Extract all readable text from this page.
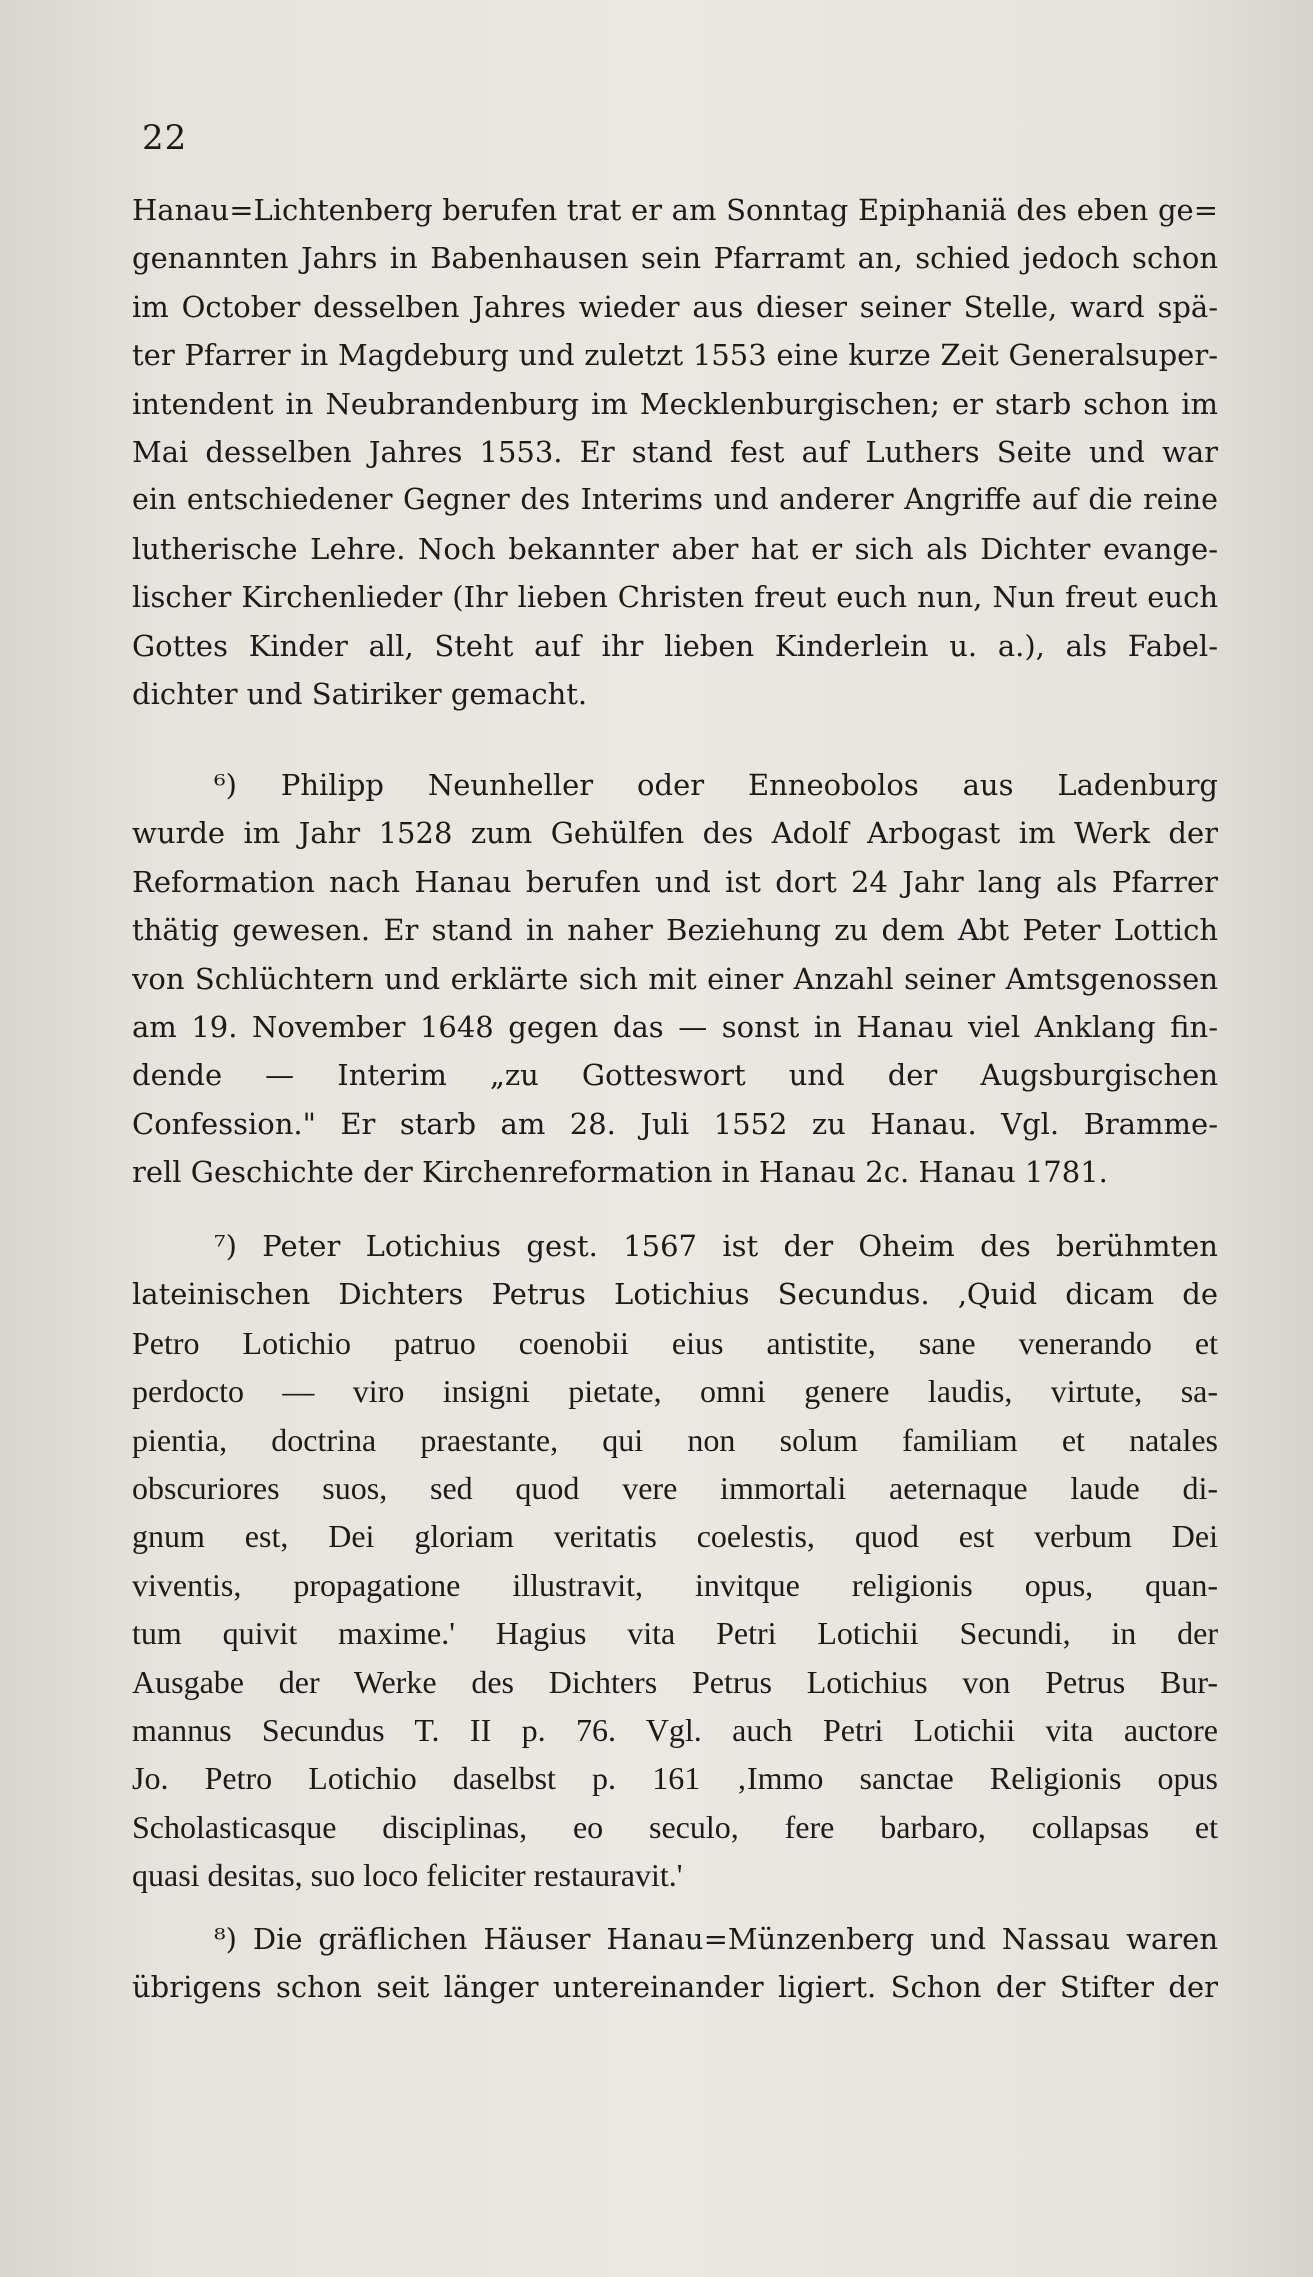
22
Hanau=Lichtenberg berufen trat er am Sonntag Epiphaniä des eben ge=
genannten Jahrs in Babenhausen sein Pfarramt an, schied jedoch schon
im October desselben Jahres wieder aus dieser seiner Stelle, ward spä-
ter Pfarrer in Magdeburg und zuletzt 1553 eine kurze Zeit Generalsuper-
intendent in Neubrandenburg im Mecklenburgischen; er starb schon im
Mai desselben Jahres 1553. Er stand fest auf Luthers Seite und war
ein entschiedener Gegner des Interims und anderer Angriffe auf die reine
lutherische Lehre. Noch bekannter aber hat er sich als Dichter evange-
lischer Kirchenlieder (Ihr lieben Christen freut euch nun, Nun freut euch
Gottes Kinder all, Steht auf ihr lieben Kinderlein u. a.), als Fabel-
dichter und Satiriker gemacht.
⁶) Philipp Neunheller oder Enneobolos aus Ladenburg
wurde im Jahr 1528 zum Gehülfen des Adolf Arbogast im Werk der
Reformation nach Hanau berufen und ist dort 24 Jahr lang als Pfarrer
thätig gewesen. Er stand in naher Beziehung zu dem Abt Peter Lottich
von Schlüchtern und erklärte sich mit einer Anzahl seiner Amtsgenossen
am 19. November 1648 gegen das — sonst in Hanau viel Anklang fin-
dende — Interim „zu Gotteswort und der Augsburgischen
Confession." Er starb am 28. Juli 1552 zu Hanau. Vgl. Bramme-
rell Geschichte der Kirchenreformation in Hanau 2c. Hanau 1781.
⁷) Peter Lotichius gest. 1567 ist der Oheim des berühmten
lateinischen Dichters Petrus Lotichius Secundus. ‚Quid dicam de
Petro Lotichio patruo coenobii eius antistite, sane venerando et
perdocto — viro insigni pietate, omni genere laudis, virtute, sa-
pientia, doctrina praestante, qui non solum familiam et natales
obscuriores suos, sed quod vere immortali aeternaque laude di-
gnum est, Dei gloriam veritatis coelestis, quod est verbum Dei
viventis, propagatione illustravit, invitque religionis opus, quan-
tum quivit maxime.' Hagius vita Petri Lotichii Secundi, in der
Ausgabe der Werke des Dichters Petrus Lotichius von Petrus Bur-
mannus Secundus T. II p. 76. Vgl. auch Petri Lotichii vita auctore
Jo. Petro Lotichio daselbst p. 161 ‚Immo sanctae Religionis opus
Scholasticasque disciplinas, eo seculo, fere barbaro, collapsas et
quasi desitas, suo loco feliciter restauravit.'
⁸) Die gräflichen Häuser Hanau=Münzenberg und Nassau waren
übrigens schon seit länger untereinander ligiert. Schon der Stifter der
